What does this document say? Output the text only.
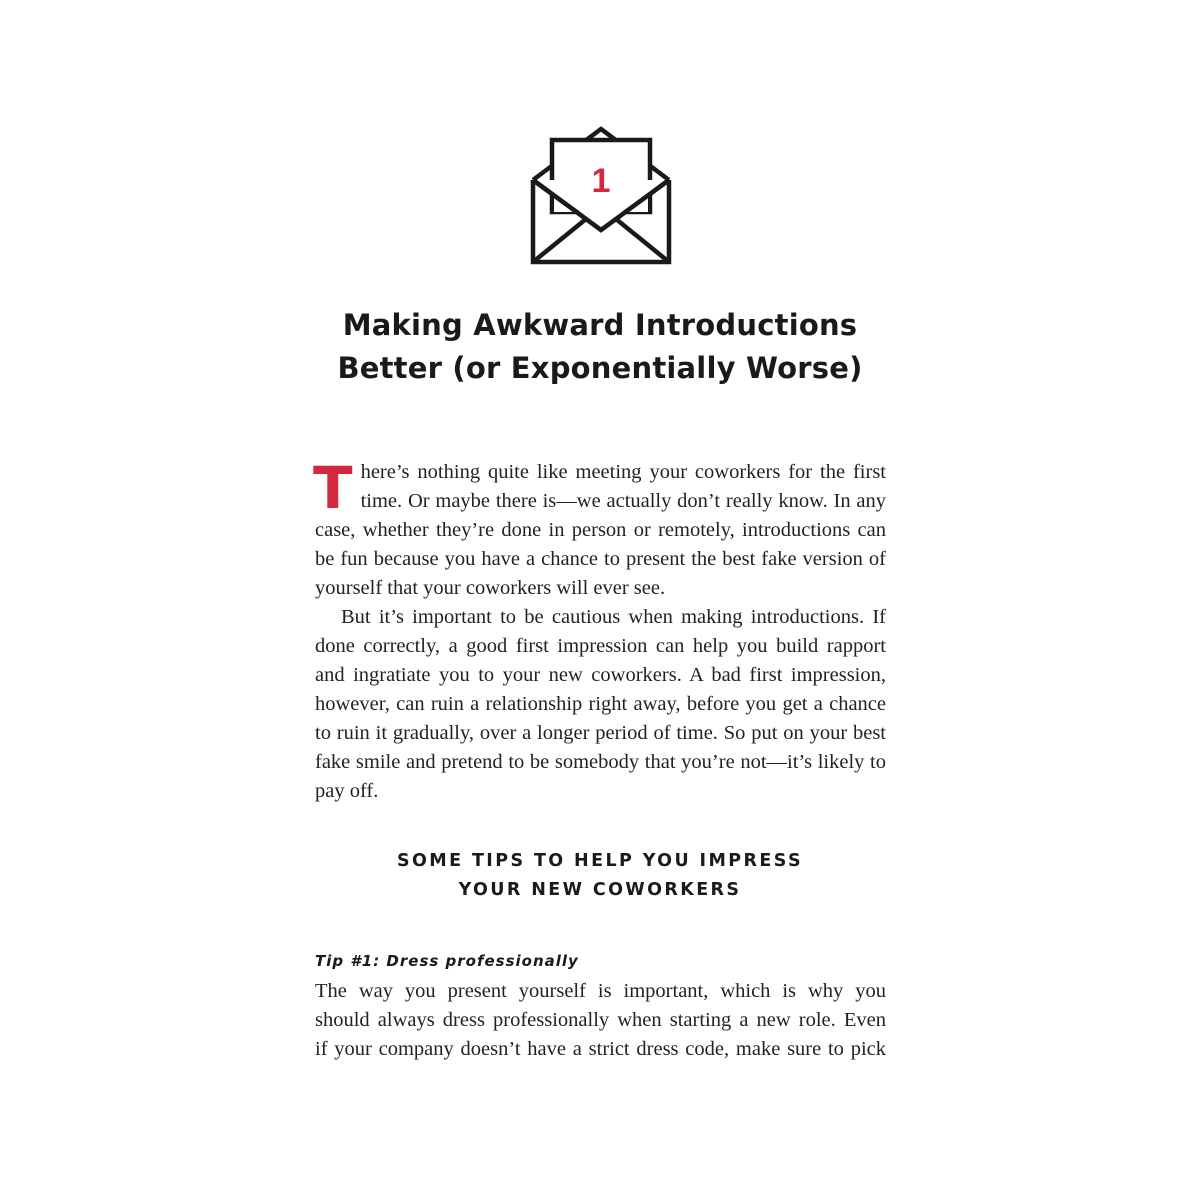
1
Making Awkward Introductions
Better (or Exponentially Worse)

There’s nothing quite like meeting your coworkers for the first time. Or maybe there is—we actually don’t really know. In any case, whether they’re done in person or remotely, introductions can be fun because you have a chance to present the best fake version of yourself that your coworkers will ever see.

But it’s important to be cautious when making introductions. If done correctly, a good first impression can help you build rapport and ingratiate you to your new coworkers. A bad first impression, however, can ruin a relationship right away, before you get a chance to ruin it gradually, over a longer period of time. So put on your best fake smile and pretend to be somebody that you’re not—it’s likely to pay off.

SOME TIPS TO HELP YOU IMPRESS
YOUR NEW COWORKERS
Tip #1: Dress professionally

The way you present yourself is important, which is why you
should always dress professionally when starting a new role. Even
if your company doesn’t have a strict dress code, make sure to pick
